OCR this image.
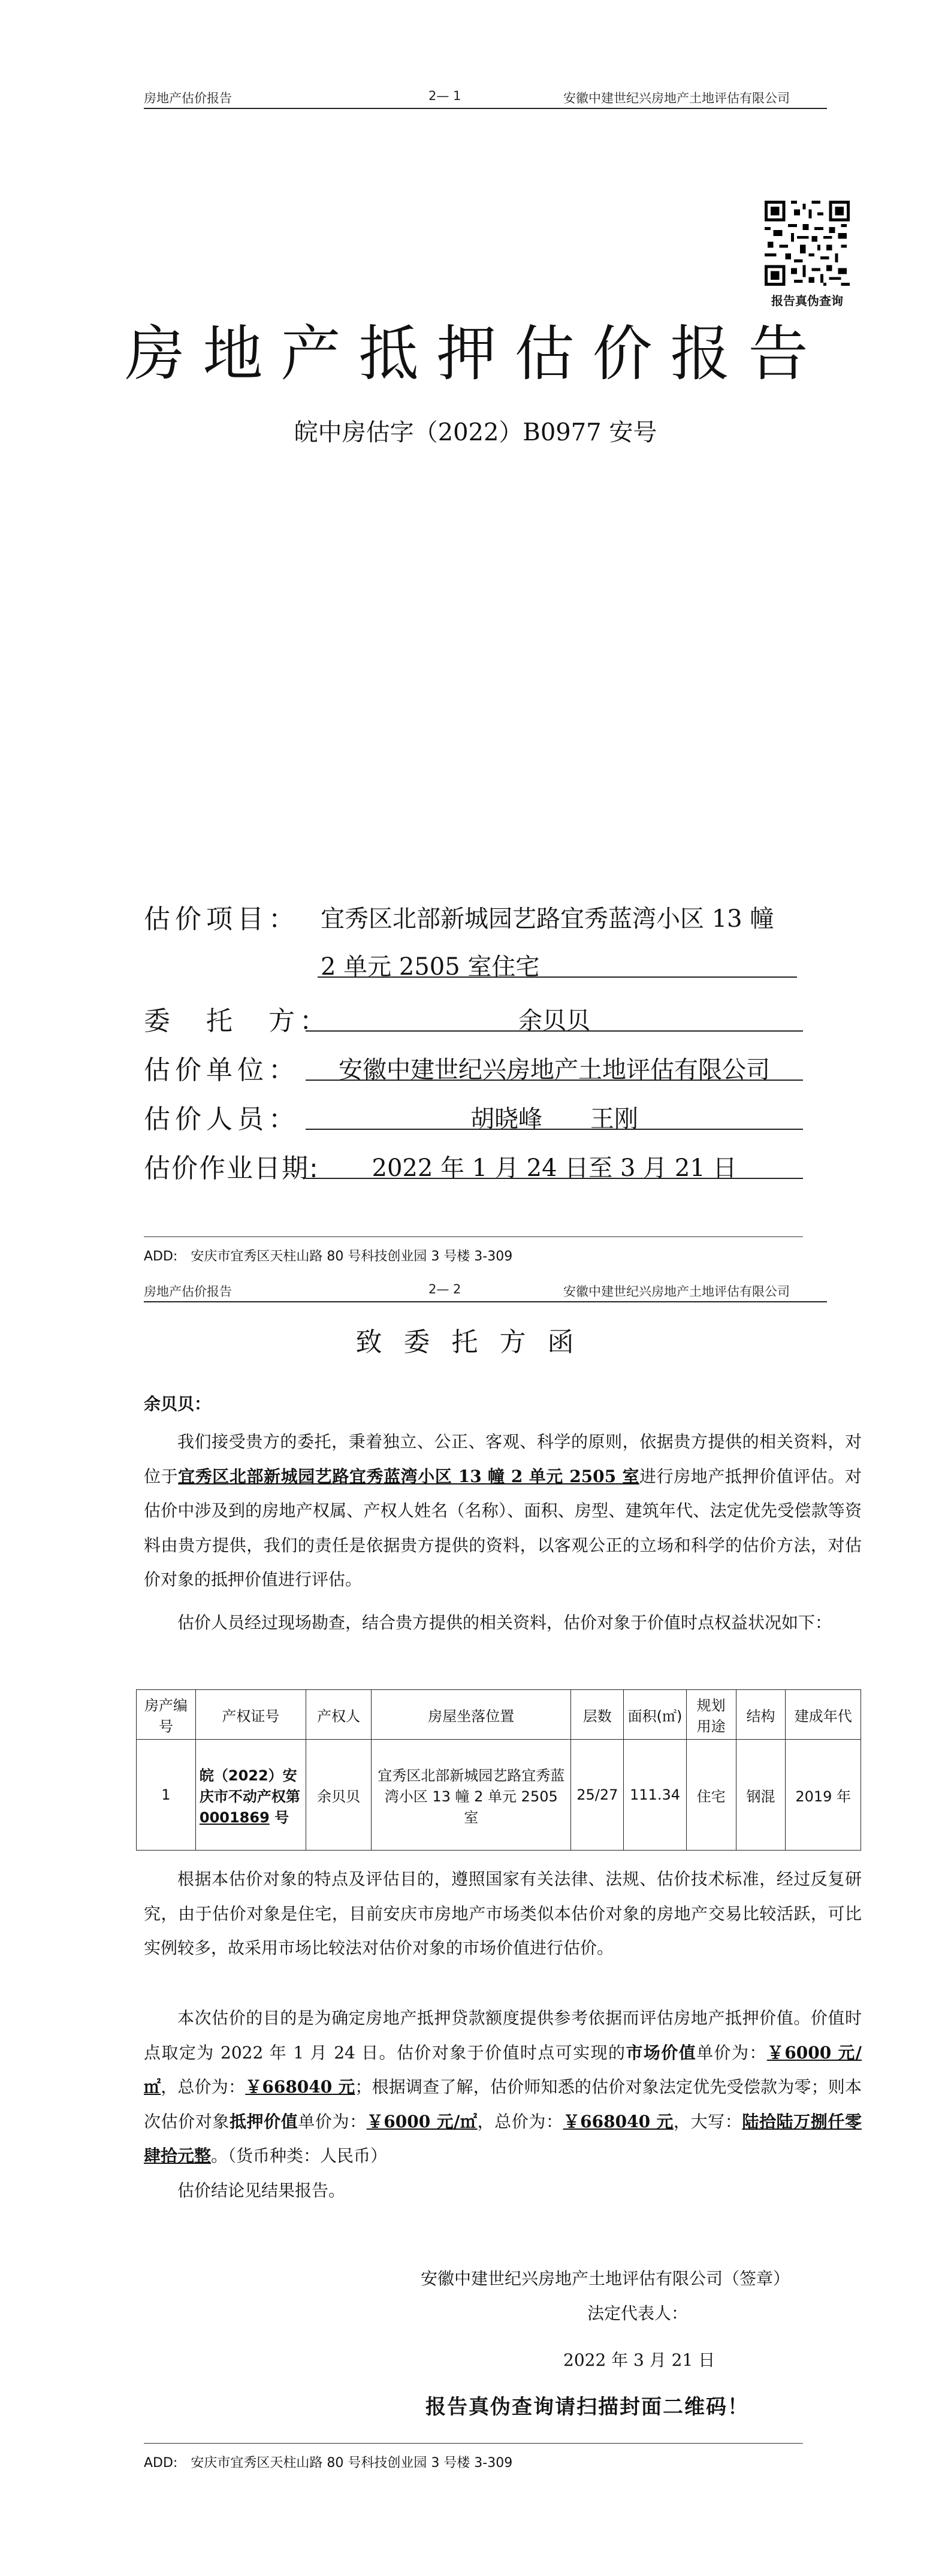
房地产估价报告	2— 1	安徽中建世纪兴房地产土地评估有限公司
报告真伪查询
房地产抵押估价报告
皖中房估字（2022）B0977 安号
估价项目： 宜秀区北部新城园艺路宜秀蓝湾小区 13 幢
2 单元 2505 室住宅
委　托　方：	余贝贝
估价单位：	安徽中建世纪兴房地产土地评估有限公司
估价人员：	胡晓峰　　王刚
估价作业日期:	2022 年 1 月 24 日至 3 月 21 日
ADD:　安庆市宜秀区天柱山路 80 号科技创业园 3 号楼 3-309
房地产估价报告	2— 2	安徽中建世纪兴房地产土地评估有限公司
致委托方函
余贝贝：
我们接受贵方的委托，秉着独立、公正、客观、科学的原则，依据贵方提供的相关资料，对位于宜秀区北部新城园艺路宜秀蓝湾小区 13 幢 2 单元 2505 室进行房地产抵押价值评估。对估价中涉及到的房地产权属、产权人姓名（名称）、面积、房型、建筑年代、法定优先受偿款等资料由贵方提供，我们的责任是依据贵方提供的资料，以客观公正的立场和科学的估价方法，对估价对象的抵押价值进行评估。
估价人员经过现场勘查，结合贵方提供的相关资料，估价对象于价值时点权益状况如下：
房产编号	产权证号	产权人	房屋坐落位置	层数	面积(㎡)	规划用途	结构	建成年代
1	皖（2022）安庆市不动产权第 0001869 号	余贝贝	宜秀区北部新城园艺路宜秀蓝湾小区 13 幢 2 单元 2505 室	25/27	111.34	住宅	钢混	2019 年
根据本估价对象的特点及评估目的，遵照国家有关法律、法规、估价技术标准，经过反复研究，由于估价对象是住宅，目前安庆市房地产市场类似本估价对象的房地产交易比较活跃，可比实例较多，故采用市场比较法对估价对象的市场价值进行估价。
本次估价的目的是为确定房地产抵押贷款额度提供参考依据而评估房地产抵押价值。价值时点取定为 2022 年 1 月 24 日。估价对象于价值时点可实现的市场价值单价为：￥6000 元/㎡，总价为：￥668040 元；根据调查了解，估价师知悉的估价对象法定优先受偿款为零；则本次估价对象抵押价值单价为：￥6000 元/㎡，总价为：￥668040 元，大写：陆拾陆万捌仟零肆拾元整。（货币种类：人民币）
估价结论见结果报告。
安徽中建世纪兴房地产土地评估有限公司（签章）
法定代表人：
2022 年 3 月 21 日
报告真伪查询请扫描封面二维码！
ADD:　安庆市宜秀区天柱山路 80 号科技创业园 3 号楼 3-309
